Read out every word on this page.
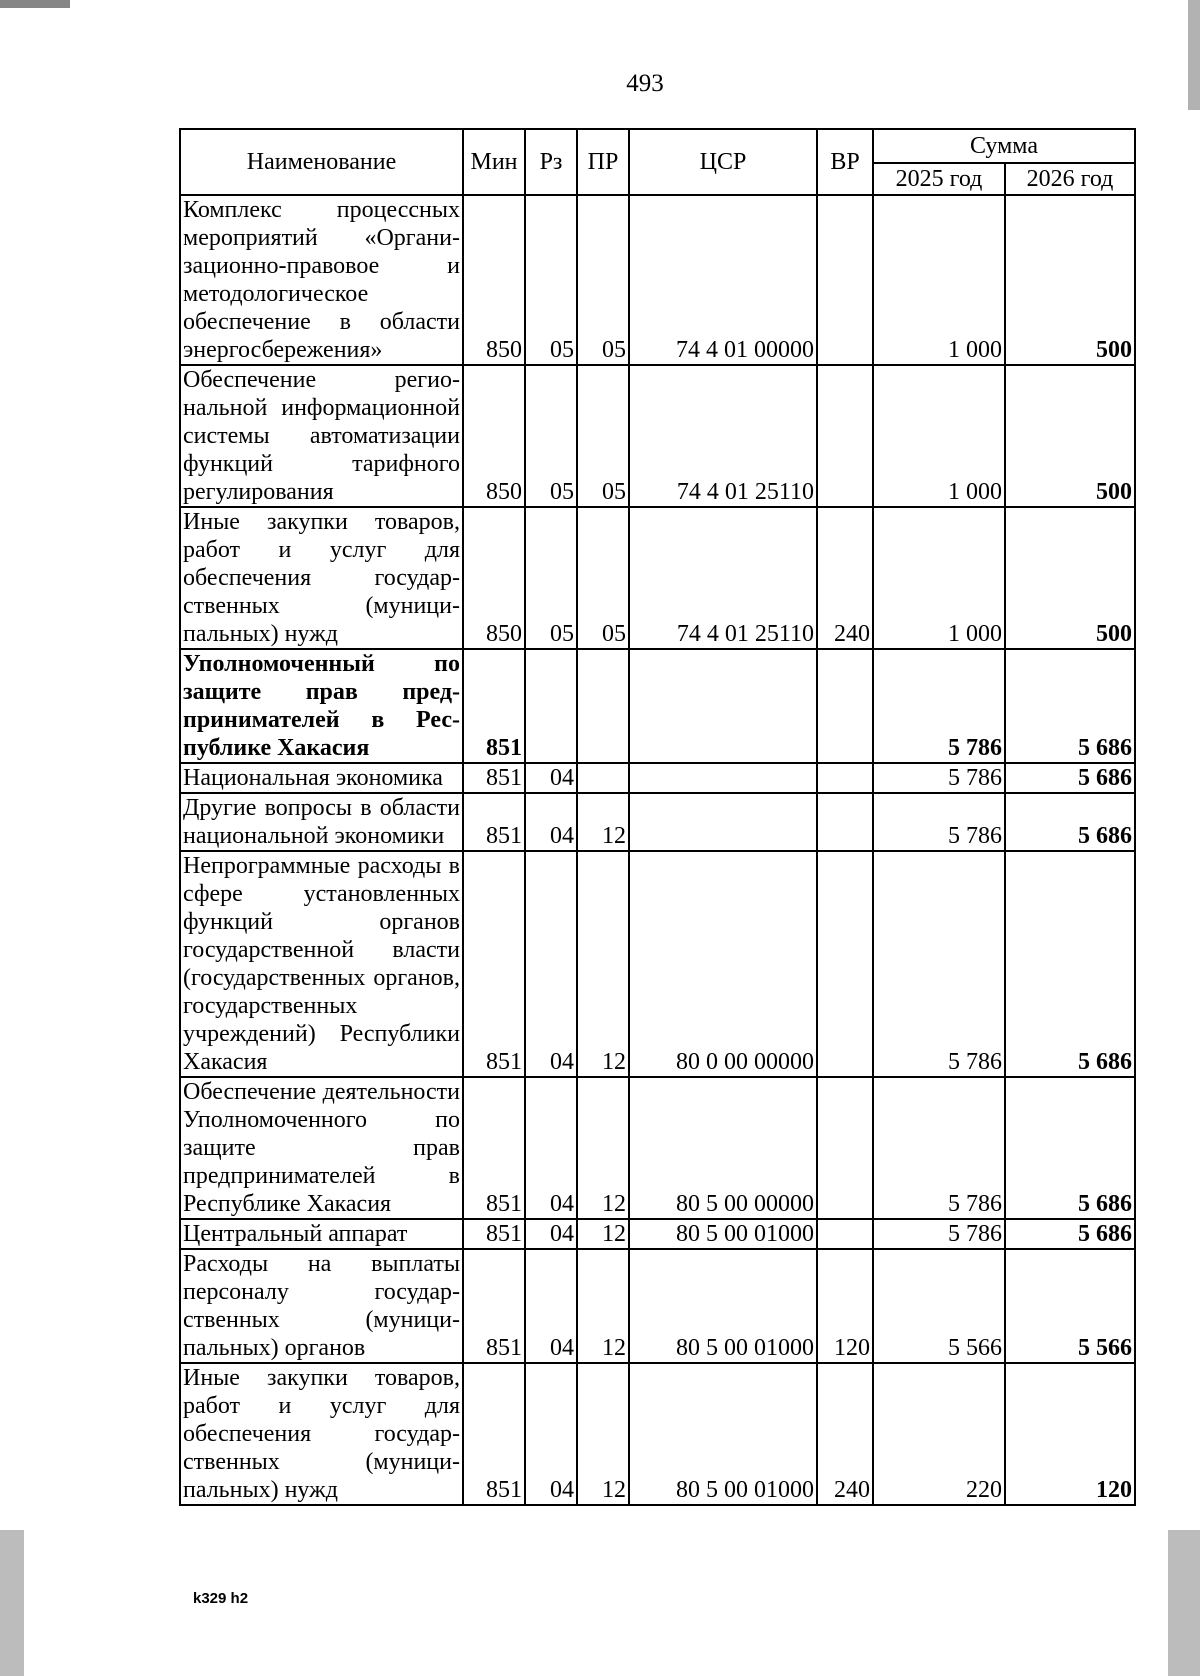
493
Наименование	Мин	Рз	ПР	ЦСР	ВР	Сумма	
						2025 год	2026 год
Комплекс процессных мероприятий «Организационно-правовое и методологическое обеспечение в области энергосбережения»	850	05	05	74 4 01 00000		1 000	500
Обеспечение региональной информационной системы автоматизации функций тарифного регулирования	850	05	05	74 4 01 25110		1 000	500
Иные закупки товаров, работ и услуг для обеспечения государственных (муниципальных) нужд	850	05	05	74 4 01 25110	240	1 000	500
Уполномоченный по защите прав предпринимателей в Республике Хакасия	851					5 786	5 686
Национальная экономика	851	04				5 786	5 686
Другие вопросы в области национальной экономики	851	04	12			5 786	5 686
Непрограммные расходы в сфере установленных функций органов государственной власти (государственных органов, государственных учреждений) Республики Хакасия	851	04	12	80 0 00 00000		5 786	5 686
Обеспечение деятельности Уполномоченного по защите прав предпринимателей в Республике Хакасия	851	04	12	80 5 00 00000		5 786	5 686
Центральный аппарат	851	04	12	80 5 00 01000		5 786	5 686
Расходы на выплаты персоналу государственных (муниципальных) органов	851	04	12	80 5 00 01000	120	5 566	5 566
Иные закупки товаров, работ и услуг для обеспечения государственных (муниципальных) нужд	851	04	12	80 5 00 01000	240	220	120
k329 h2
